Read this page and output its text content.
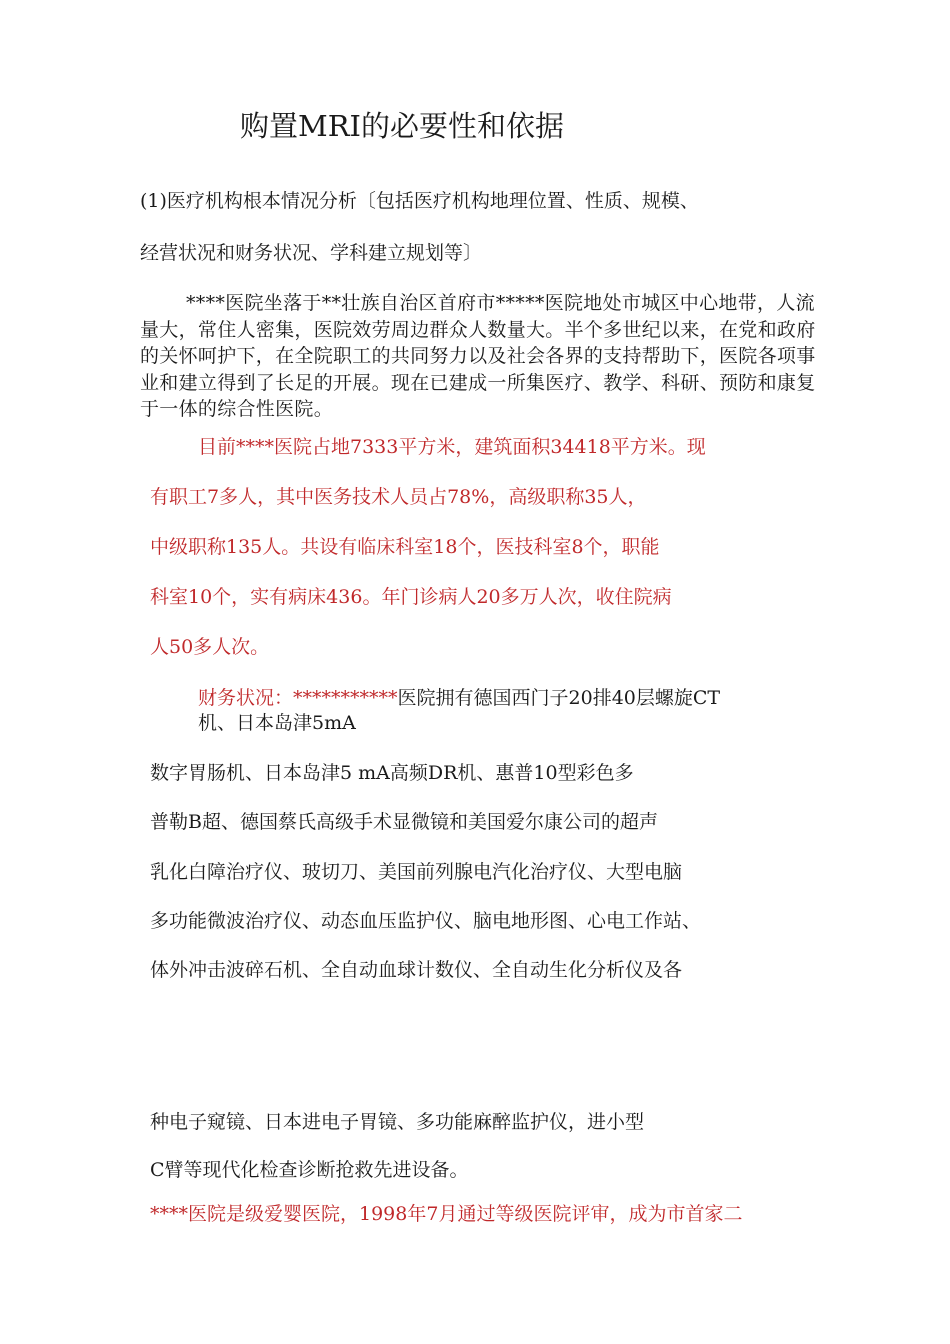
购置MRI的必要性和依据
(1)医疗机构根本情况分析〔包括医疗机构地理位置、性质、规模、
经营状况和财务状况、学科建立规划等〕
****医院坐落于**壮族自治区首府市*****医院地处市城区中心地带，人流量大，常住人密集，医院效劳周边群众人数量大。半个多世纪以来，在党和政府的关怀呵护下，在全院职工的共同努力以及社会各界的支持帮助下，医院各项事业和建立得到了长足的开展。现在已建成一所集医疗、教学、科研、预防和康复于一体的综合性医院。
目前****医院占地7333平方米，建筑面积34418平方米。现
有职工7多人，其中医务技术人员占78%，高级职称35人，
中级职称135人。共设有临床科室18个，医技科室8个，职能
科室10个，实有病床436。年门诊病人20多万人次，收住院病
人50多人次。
财务状况：***********医院拥有德国西门子20排40层螺旋CT
机、日本岛津5mA
数字胃肠机、日本岛津5 mA高频DR机、惠普10型彩色多
普勒B超、德国蔡氏高级手术显微镜和美国爱尔康公司的超声
乳化白障治疗仪、玻切刀、美国前列腺电汽化治疗仪、大型电脑
多功能微波治疗仪、动态血压监护仪、脑电地形图、心电工作站、
体外冲击波碎石机、全自动血球计数仪、全自动生化分析仪及各
种电子窥镜、日本进电子胃镜、多功能麻醉监护仪，进小型
C臂等现代化检查诊断抢救先进设备。
****医院是级爱婴医院，1998年7月通过等级医院评审，成为市首家二
